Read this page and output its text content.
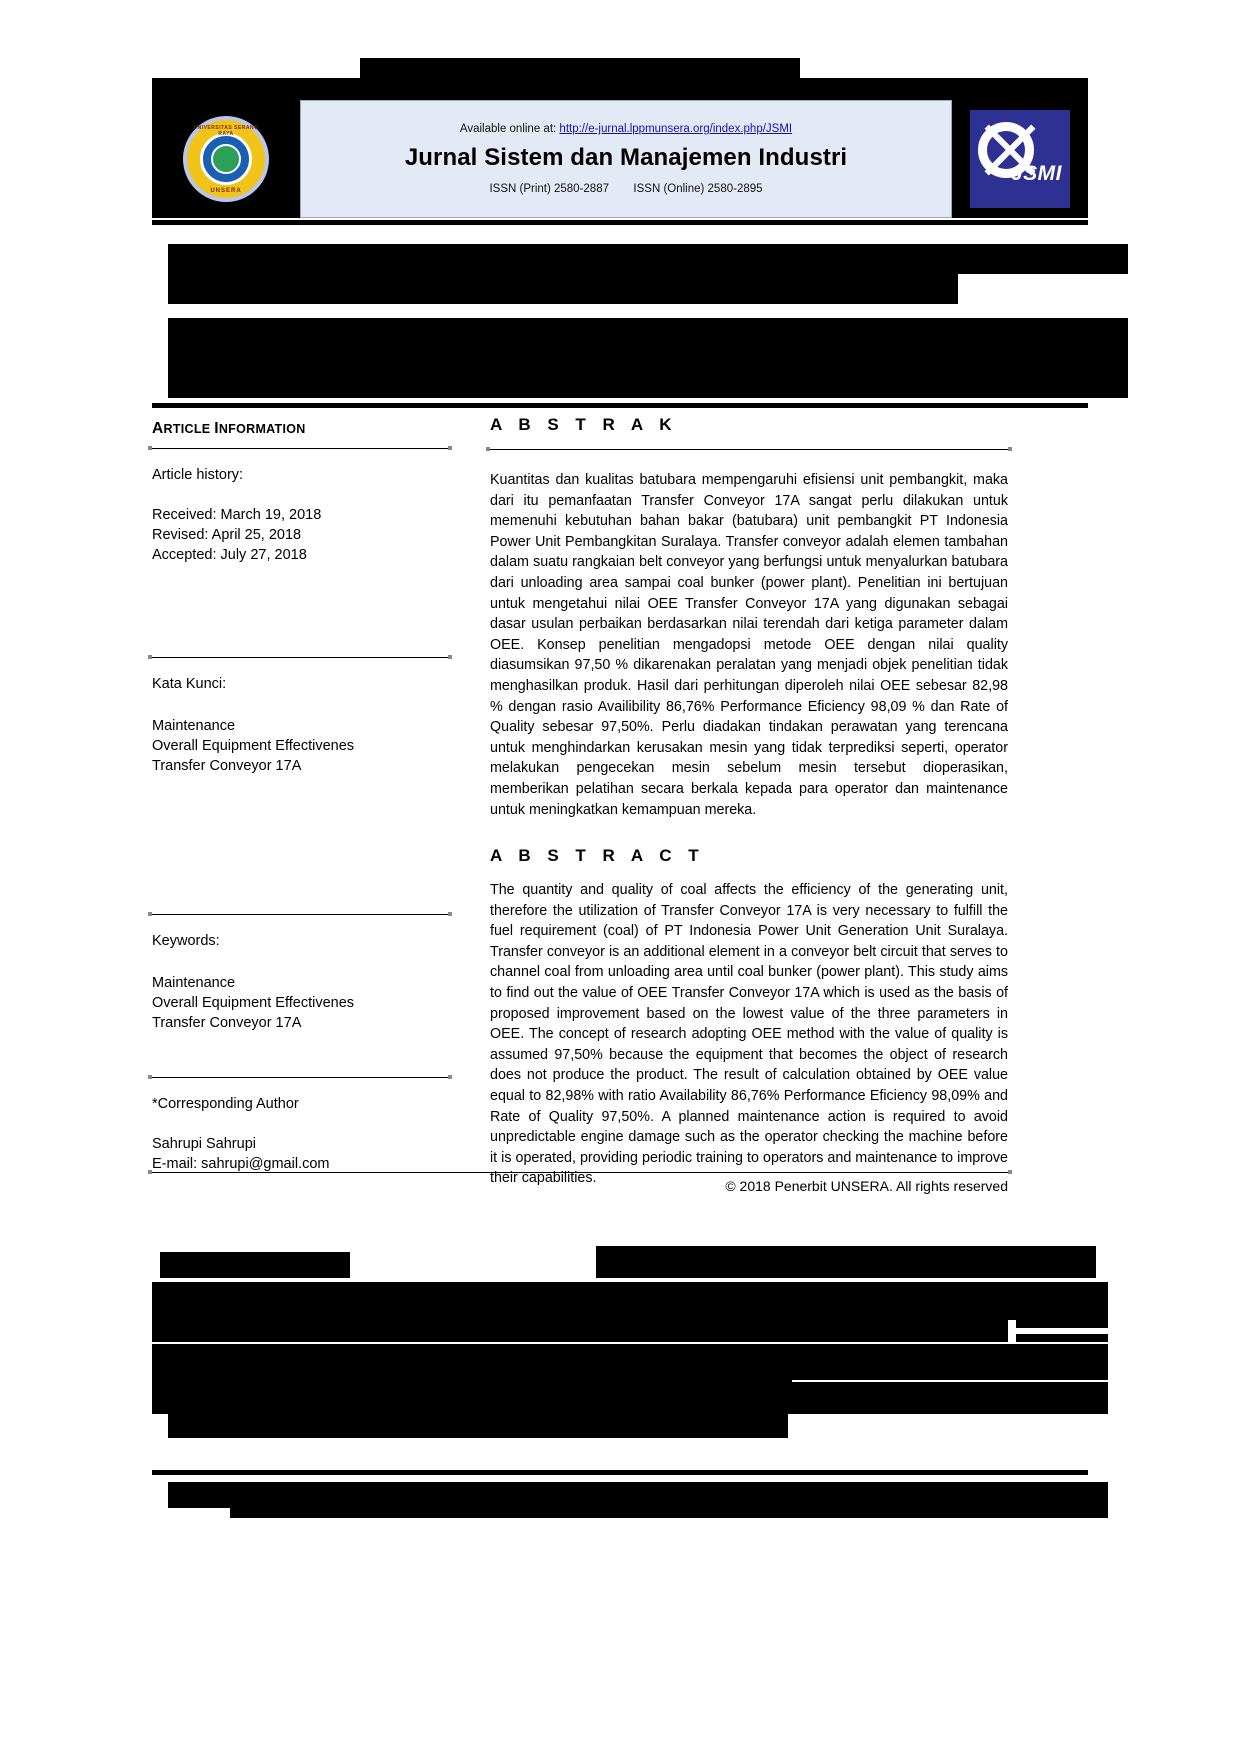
UNIVERSITAS SERANG RAYA
UNSERA
Available online at: http://e-jurnal.lppmunsera.org/index.php/JSMI
Jurnal Sistem dan Manajemen Industri
ISSN (Print) 2580-2887 ISSN (Online) 2580-2895
JSMI
ARTICLE INFORMATION
Article history:
Received: March 19, 2018
Revised: April 25, 2018
Accepted: July 27, 2018
Kata Kunci:
Maintenance
Overall Equipment Effectivenes
Transfer Conveyor 17A
Keywords:
Maintenance
Overall Equipment Effectivenes
Transfer Conveyor 17A
*Corresponding Author
Sahrupi Sahrupi
E-mail: sahrupi@gmail.com
A B S T R A K
Kuantitas dan kualitas batubara mempengaruhi efisiensi unit pembangkit, maka dari itu pemanfaatan Transfer Conveyor 17A sangat perlu dilakukan untuk memenuhi kebutuhan bahan bakar (batubara) unit pembangkit PT Indonesia Power Unit Pembangkitan Suralaya. Transfer conveyor adalah elemen tambahan dalam suatu rangkaian belt conveyor yang berfungsi untuk menyalurkan batubara dari unloading area sampai coal bunker (power plant). Penelitian ini bertujuan untuk mengetahui nilai OEE Transfer Conveyor 17A yang digunakan sebagai dasar usulan perbaikan berdasarkan nilai terendah dari ketiga parameter dalam OEE. Konsep penelitian mengadopsi metode OEE dengan nilai quality diasumsikan 97,50 % dikarenakan peralatan yang menjadi objek penelitian tidak menghasilkan produk. Hasil dari perhitungan diperoleh nilai OEE sebesar 82,98 % dengan rasio Availibility 86,76% Performance Eficiency 98,09 % dan Rate of Quality sebesar 97,50%. Perlu diadakan tindakan perawatan yang terencana untuk menghindarkan kerusakan mesin yang tidak terprediksi seperti, operator melakukan pengecekan mesin sebelum mesin tersebut dioperasikan, memberikan pelatihan secara berkala kepada para operator dan maintenance untuk meningkatkan kemampuan mereka.
A B S T R A C T
The quantity and quality of coal affects the efficiency of the generating unit, therefore the utilization of Transfer Conveyor 17A is very necessary to fulfill the fuel requirement (coal) of PT Indonesia Power Unit Generation Unit Suralaya. Transfer conveyor is an additional element in a conveyor belt circuit that serves to channel coal from unloading area until coal bunker (power plant). This study aims to find out the value of OEE Transfer Conveyor 17A which is used as the basis of proposed improvement based on the lowest value of the three parameters in OEE. The concept of research adopting OEE method with the value of quality is assumed 97,50% because the equipment that becomes the object of research does not produce the product. The result of calculation obtained by OEE value equal to 82,98% with ratio Availability 86,76% Performance Eficiency 98,09% and Rate of Quality 97,50%. A planned maintenance action is required to avoid unpredictable engine damage such as the operator checking the machine before it is operated, providing periodic training to operators and maintenance to improve their capabilities.	© 2018 Penerbit UNSERA. All rights reserved
